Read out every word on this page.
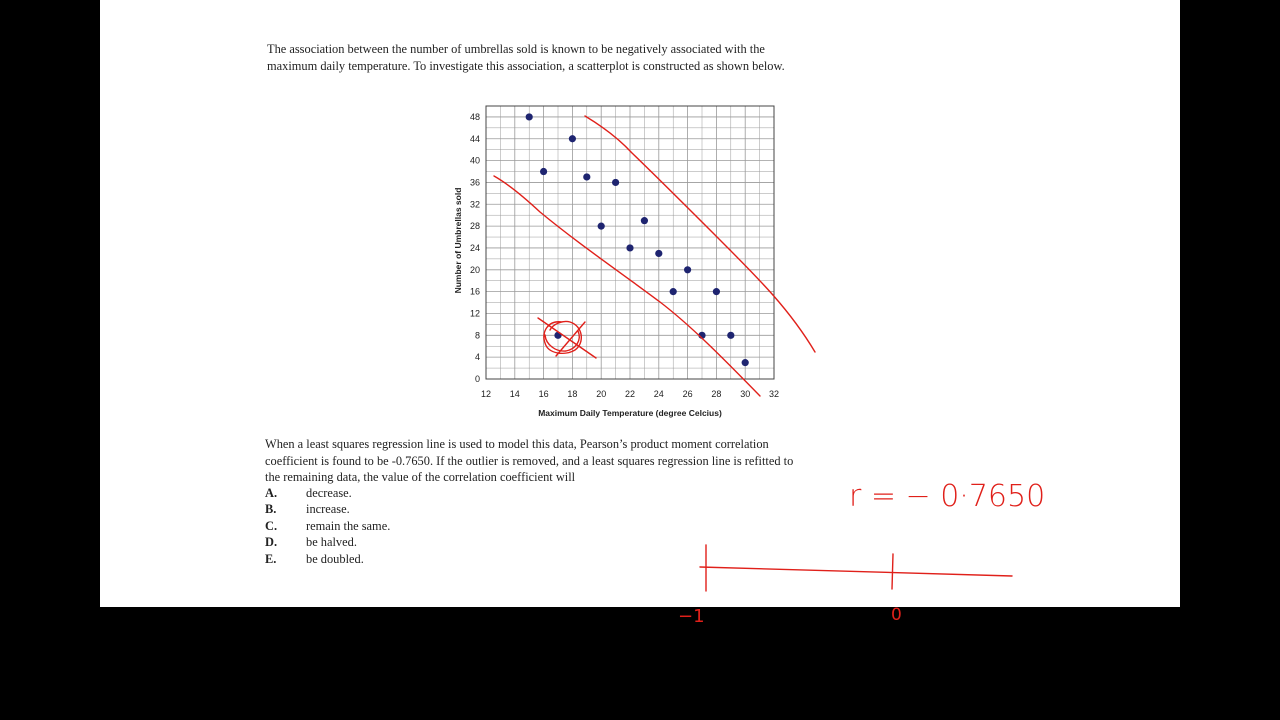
The association between the number of umbrellas sold is known to be negatively associated with the
maximum daily temperature. To investigate this association, a scatterplot is constructed as shown below.
12 14 16 18 20 22 24 26 28 30 32
0
4
8
12
16
20
24
28
32
36
40
44
48
Maximum Daily Temperature (degree Celcius)
Number of Umbrellas sold
When a least squares regression line is used to model this data, Pearson’s product moment correlation
coefficient is found to be -0.7650. If the outlier is removed, and a least squares regression line is refitted to
the remaining data, the value of the correlation coefficient will
A. decrease.
B. increase.
C. remain the same.
D. be halved.
E. be doubled.
r = − 0·7650
−1	0
